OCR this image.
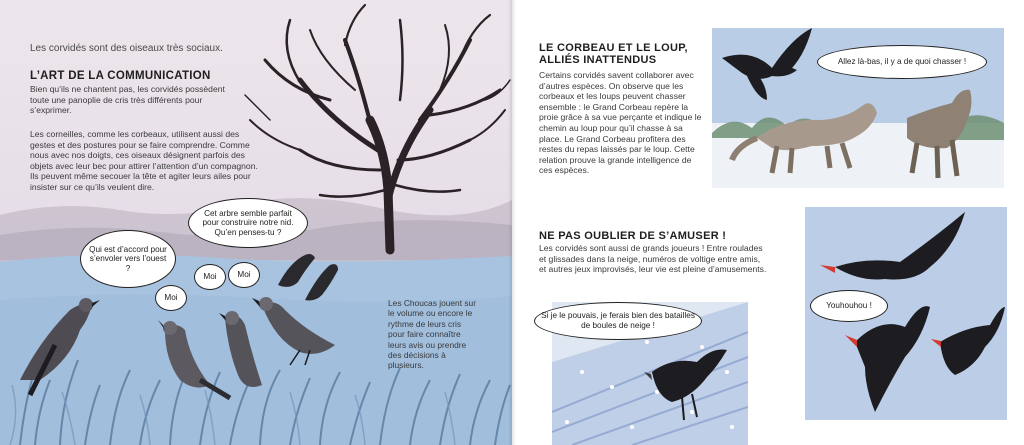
Les corvidés sont des oiseaux très sociaux.
L’ART DE LA COMMUNICATION
Bien qu’ils ne chantent pas, les corvidés possèdent toute une panoplie de cris très différents pour s’exprimer.
Les corneilles, comme les corbeaux, utilisent aussi des gestes et des postures pour se faire comprendre. Comme nous avec nos doigts, ces oiseaux désignent parfois des objets avec leur bec pour attirer l’attention d’un compagnon. Ils peuvent même secouer la tête et agiter leurs ailes pour insister sur ce qu’ils veulent dire.
Les Choucas jouent sur le volume ou encore le rythme de leurs cris pour faire connaître leurs avis ou prendre des décisions à plusieurs.
Cet arbre semble parfait pour construire notre nid. Qu’en penses-tu ?
Qui est d’accord pour s’envoler vers l’ouest ?
Moi
Moi	Moi
Allez là-bas, il y a de quoi chasser !
Si je le pouvais, je ferais bien des batailles de boules de neige !
Youhouhou !
LE CORBEAU ET LE LOUP, ALLIÉS INATTENDUS
Certains corvidés savent collaborer avec d’autres espèces. On observe que les corbeaux et les loups peuvent chasser ensemble : le Grand Corbeau repère la proie grâce à sa vue perçante et indique le chemin au loup pour qu’il chasse à sa place. Le Grand Corbeau profitera des restes du repas laissés par le loup. Cette relation prouve la grande intelligence de ces espèces.
NE PAS OUBLIER DE S’AMUSER !
Les corvidés sont aussi de grands joueurs ! Entre roulades et glissades dans la neige, numéros de voltige entre amis, et autres jeux improvisés, leur vie est pleine d’amusements.
